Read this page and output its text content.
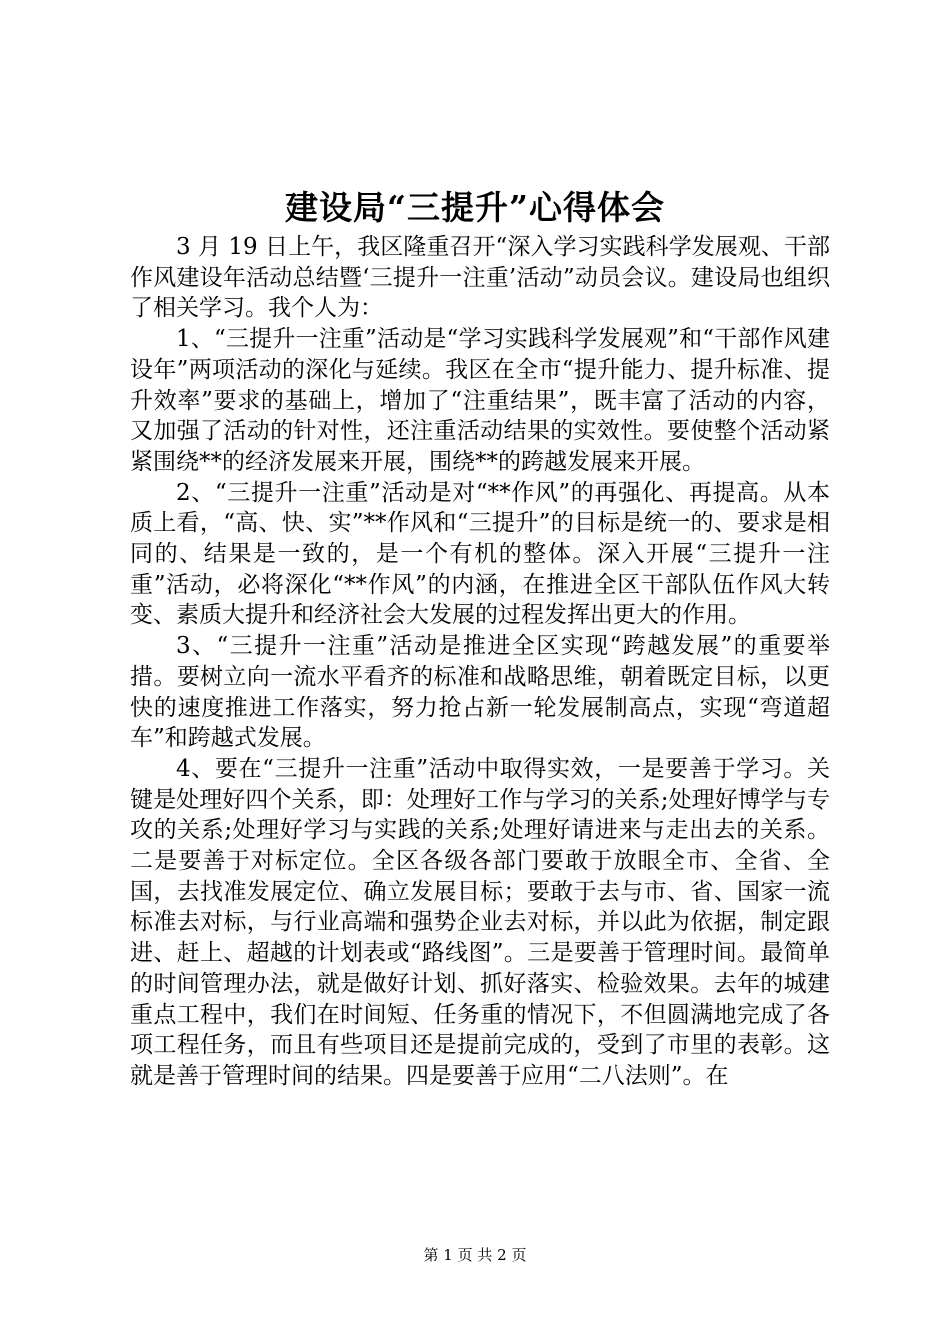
建设局“三提升”心得体会

3 月 19 日上午，我区隆重召开“深入学习实践科学发展观、干部作风建设年活动总结暨‘三提升一注重’活动”动员会议。建设局也组织了相关学习。我个人为：

1、“三提升一注重”活动是“学习实践科学发展观”和“干部作风建设年”两项活动的深化与延续。我区在全市“提升能力、提升标准、提升效率”要求的基础上，增加了“注重结果”，既丰富了活动的内容，又加强了活动的针对性，还注重活动结果的实效性。要使整个活动紧紧围绕**的经济发展来开展，围绕**的跨越发展来开展。

2、“三提升一注重”活动是对“**作风”的再强化、再提高。从本质上看，“高、快、实”**作风和“三提升”的目标是统一的、要求是相同的、结果是一致的，是一个有机的整体。深入开展“三提升一注重”活动，必将深化“**作风”的内涵，在推进全区干部队伍作风大转变、素质大提升和经济社会大发展的过程发挥出更大的作用。

3、“三提升一注重”活动是推进全区实现“跨越发展”的重要举措。要树立向一流水平看齐的标准和战略思维，朝着既定目标，以更快的速度推进工作落实，努力抢占新一轮发展制高点，实现“弯道超车”和跨越式发展。

4、要在“三提升一注重”活动中取得实效，一是要善于学习。关键是处理好四个关系，即：处理好工作与学习的关系;处理好博学与专攻的关系;处理好学习与实践的关系;处理好请进来与走出去的关系。二是要善于对标定位。全区各级各部门要敢于放眼全市、全省、全国，去找准发展定位、确立发展目标；要敢于去与市、省、国家一流标准去对标，与行业高端和强势企业去对标，并以此为依据，制定跟进、赶上、超越的计划表或“路线图”。三是要善于管理时间。最简单的时间管理办法，就是做好计划、抓好落实、检验效果。去年的城建重点工程中，我们在时间短、任务重的情况下，不但圆满地完成了各项工程任务，而且有些项目还是提前完成的，受到了市里的表彰。这就是善于管理时间的结果。四是要善于应用“二八法则”。在

第 1 页 共 2 页
